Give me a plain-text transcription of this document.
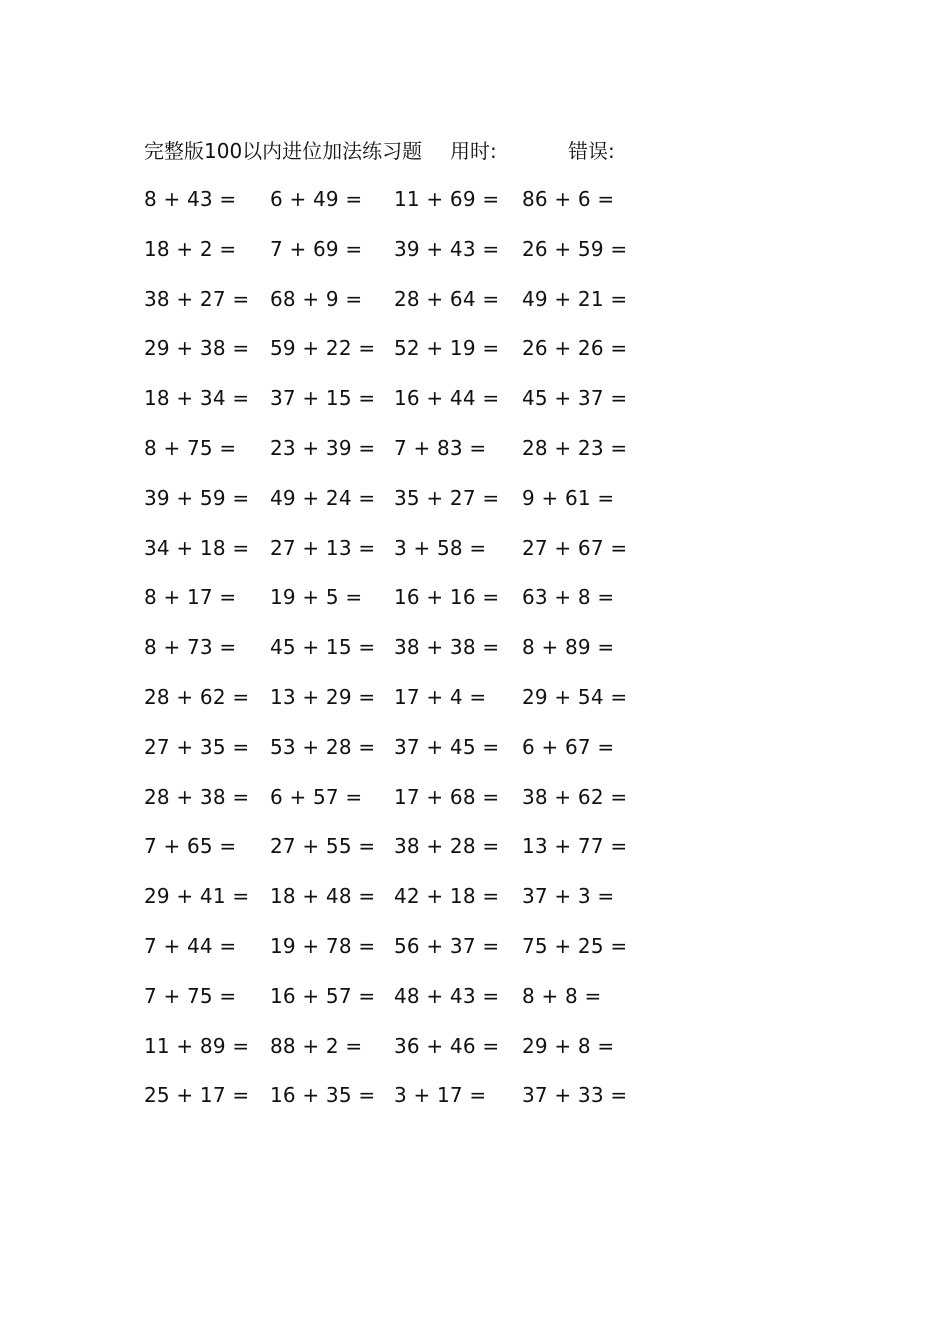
完整版100以内进位加法练习题 用时:	错误:
8 + 43 = 6 + 49 = 11 + 69 = 86 + 6 =
18 + 2 = 7 + 69 = 39 + 43 = 26 + 59 =
38 + 27 = 68 + 9 = 28 + 64 = 49 + 21 =
29 + 38 = 59 + 22 = 52 + 19 = 26 + 26 =
18 + 34 = 37 + 15 = 16 + 44 = 45 + 37 =
8 + 75 = 23 + 39 = 7 + 83 = 28 + 23 =
39 + 59 = 49 + 24 = 35 + 27 = 9 + 61 =
34 + 18 = 27 + 13 = 3 + 58 = 27 + 67 =
8 + 17 = 19 + 5 = 16 + 16 = 63 + 8 =
8 + 73 = 45 + 15 = 38 + 38 = 8 + 89 =
28 + 62 = 13 + 29 = 17 + 4 = 29 + 54 =
27 + 35 = 53 + 28 = 37 + 45 = 6 + 67 =
28 + 38 = 6 + 57 = 17 + 68 = 38 + 62 =
7 + 65 = 27 + 55 = 38 + 28 = 13 + 77 =
29 + 41 = 18 + 48 = 42 + 18 = 37 + 3 =
7 + 44 = 19 + 78 = 56 + 37 = 75 + 25 =
7 + 75 = 16 + 57 = 48 + 43 = 8 + 8 =
11 + 89 = 88 + 2 = 36 + 46 = 29 + 8 =
25 + 17 = 16 + 35 = 3 + 17 = 37 + 33 =
